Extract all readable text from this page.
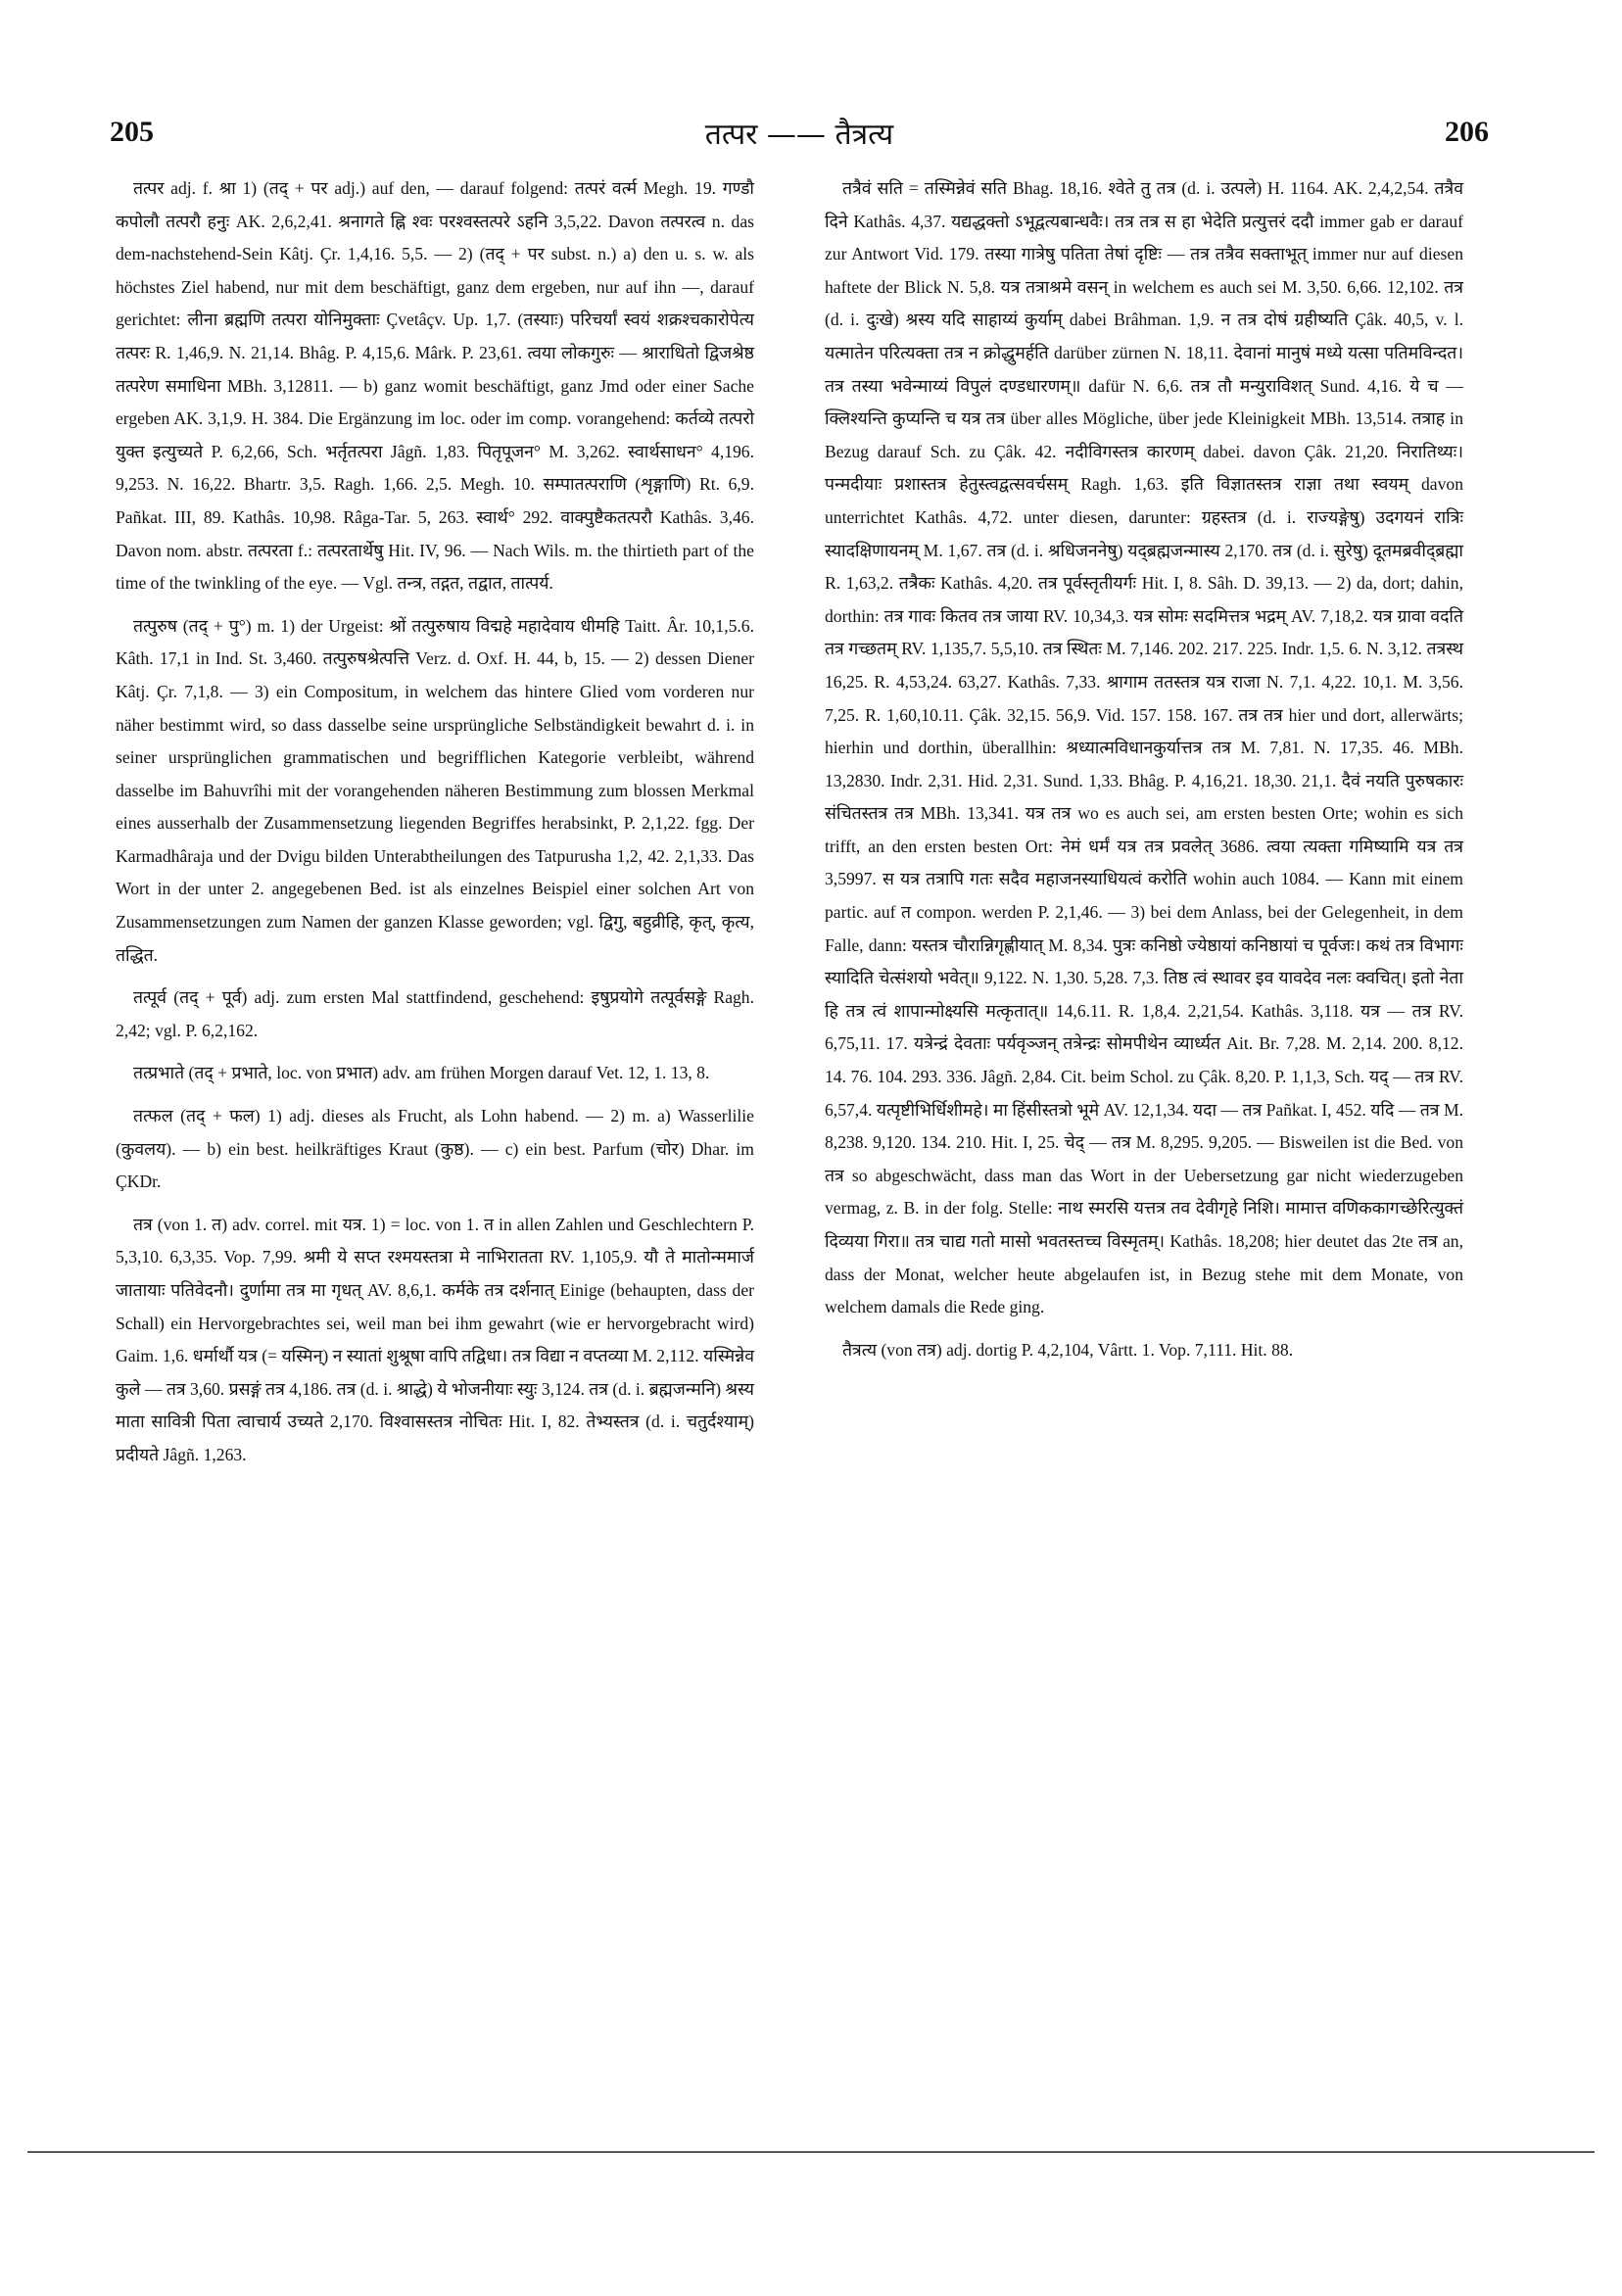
205	तत्पर —— तैत्रत्य	206

तत्पर adj. f. श्रा 1) (तद् + पर adj.) auf den, — darauf folgend: तत्परं वर्त्म Megh. 19. गण्डौ कपोलौ तत्परौ हनुः AK. 2,6,2,41. श्रनागते ह्नि श्वः परश्वस्तत्परे ऽहनि 3,5,22. Davon तत्परत्व n. das dem-nachstehend-Sein Kâtj. Çr. 1,4,16. 5,5. — 2) (तद् + पर subst. n.) a) den u. s. w. als höchstes Ziel habend, nur mit dem beschäftigt, ganz dem ergeben, nur auf ihn —, darauf gerichtet: लीना ब्रह्मणि तत्परा योनिमुक्ताः Çvetâçv. Up. 1,7. (तस्याः) परिचर्यां स्वयं शक्रश्चकारोपेत्य तत्परः R. 1,46,9. N. 21,14. Bhâg. P. 4,15,6. Mârk. P. 23,61. त्वया लोकगुरुः — श्राराधितो द्विजश्रेष्ठ तत्परेण समाधिना MBh. 3,12811. — b) ganz womit beschäftigt, ganz Jmd oder einer Sache ergeben AK. 3,1,9. H. 384. Die Ergänzung im loc. oder im comp. vorangehend: कर्तव्ये तत्परो युक्त इत्युच्यते P. 6,2,66, Sch. भर्तृतत्परा Jâgñ. 1,83. पितृपूजन° M. 3,262. स्वार्थसाधन° 4,196. 9,253. N. 16,22. Bhartr. 3,5. Ragh. 1,66. 2,5. Megh. 10. सम्पातत्पराणि (शृङ्गाणि) Rt. 6,9. Pañkat. III, 89. Kathâs. 10,98. Râga-Tar. 5, 263. स्वार्थ° 292. वाक्पुष्टैकतत्परौ Kathâs. 3,46. Davon nom. abstr. तत्परता f.: तत्परतार्थेषु Hit. IV, 96. — Nach Wils. m. the thirtieth part of the time of the twinkling of the eye. — Vgl. तन्त्र, तद्गत, तद्वात, तात्पर्य.

तत्पुरुष (तद् + पु°) m. 1) der Urgeist: श्रों तत्पुरुषाय विद्महे महादेवाय धीमहि Taitt. Âr. 10,1,5.6. Kâth. 17,1 in Ind. St. 3,460. तत्पुरुषश्रेत्पत्ति Verz. d. Oxf. H. 44, b, 15. — 2) dessen Diener Kâtj. Çr. 7,1,8. — 3) ein Compositum, in welchem das hintere Glied vom vorderen nur näher bestimmt wird, so dass dasselbe seine ursprüngliche Selbständigkeit bewahrt d. i. in seiner ursprünglichen grammatischen und begrifflichen Kategorie verbleibt, während dasselbe im Bahuvrîhi mit der vorangehenden näheren Bestimmung zum blossen Merkmal eines ausserhalb der Zusammensetzung liegenden Begriffes herabsinkt, P. 2,1,22. fgg. Der Karmadhâraja und der Dvigu bilden Unterabtheilungen des Tatpurusha 1,2, 42. 2,1,33. Das Wort in der unter 2. angegebenen Bed. ist als einzelnes Beispiel einer solchen Art von Zusammensetzungen zum Namen der ganzen Klasse geworden; vgl. द्विगु, बहुव्रीहि, कृत्, कृत्य, तद्धित.

तत्पूर्व (तद् + पूर्व) adj. zum ersten Mal stattfindend, geschehend: इषुप्रयोगे तत्पूर्वसङ्गे Ragh. 2,42; vgl. P. 6,2,162.

तत्प्रभाते (तद् + प्रभाते, loc. von प्रभात) adv. am frühen Morgen darauf Vet. 12, 1. 13, 8.

तत्फल (तद् + फल) 1) adj. dieses als Frucht, als Lohn habend. — 2) m. a) Wasserlilie (कुवलय). — b) ein best. heilkräftiges Kraut (कुष्ठ). — c) ein best. Parfum (चोर) Dhar. im ÇKDr.

तत्र (von 1. त) adv. correl. mit यत्र. 1) = loc. von 1. त in allen Zahlen und Geschlechtern P. 5,3,10. 6,3,35. Vop. 7,99. श्रमी ये सप्त रश्मयस्तत्रा मे नाभिरातता RV. 1,105,9. यौ ते मातोन्ममार्ज जातायाः पतिवेदनौ। दुर्णामा तत्र मा गृधत् AV. 8,6,1. कर्मके तत्र दर्शनात् Einige (behaupten, dass der Schall) ein Hervorgebrachtes sei, weil man bei ihm gewahrt (wie er hervorgebracht wird) Gaim. 1,6. धर्मार्थौ यत्र (= यस्मिन्) न स्यातां शुश्रूषा वापि तद्विधा। तत्र विद्या न वप्तव्या M. 2,112. यस्मिन्नेव कुले — तत्र 3,60. प्रसङ्गं तत्र 4,186. तत्र (d. i. श्राद्धे) ये भोजनीयाः स्युः 3,124. तत्र (d. i. ब्रह्मजन्मनि) श्रस्य माता सावित्री पिता त्वाचार्य उच्यते 2,170. विश्वासस्तत्र नोचितः Hit. I, 82. तेभ्यस्तत्र (d. i. चतुर्दश्याम्) प्रदीयते Jâgñ. 1,263.

तत्रैवं सति = तस्मिन्नेवं सति Bhag. 18,16. श्वेते तु तत्र (d. i. उत्पले) H. 1164. AK. 2,4,2,54. तत्रैव दिने Kathâs. 4,37. यद्यद्धक्तो ऽभूद्वत्यबान्धवैः। तत्र तत्र स हा भेदेति प्रत्युत्तरं ददौ immer gab er darauf zur Antwort Vid. 179. तस्या गात्रेषु पतिता तेषां दृष्टिः — तत्र तत्रैव सक्ताभूत् immer nur auf diesen haftete der Blick N. 5,8. यत्र तत्राश्रमे वसन् in welchem es auch sei M. 3,50. 6,66. 12,102. तत्र (d. i. दुःखे) श्रस्य यदि साहाय्यं कुर्याम् dabei Brâhman. 1,9. न तत्र दोषं ग्रहीष्यति Çâk. 40,5, v. l. यत्मातेन परित्यक्ता तत्र न क्रोद्धुमर्हति darüber zürnen N. 18,11. देवानां मानुषं मध्ये यत्सा पतिमविन्दत। तत्र तस्या भवेन्माय्यं विपुलं दण्डधारणम्॥ dafür N. 6,6. तत्र तौ मन्युराविशत् Sund. 4,16. ये च — क्लिश्यन्ति कुप्यन्ति च यत्र तत्र über alles Mögliche, über jede Kleinigkeit MBh. 13,514. तत्राह in Bezug darauf Sch. zu Çâk. 42. नदीविगस्तत्र कारणम् dabei. davon Çâk. 21,20. निरातिथ्यः। पन्मदीयाः प्रशास्तत्र हेतुस्त्वद्वत्सवर्चसम् Ragh. 1,63. इति विज्ञातस्तत्र राज्ञा तथा स्वयम् davon unterrichtet Kathâs. 4,72. unter diesen, darunter: ग्रहस्तत्र (d. i. राज्यङ्गेषु) उदगयनं रात्रिः स्यादक्षिणायनम् M. 1,67. तत्र (d. i. श्रधिजननेषु) यद्ब्रह्मजन्मास्य 2,170. तत्र (d. i. सुरेषु) दूतमब्रवीद्ब्रह्मा R. 1,63,2. तत्रैकः Kathâs. 4,20. तत्र पूर्वस्तृतीयर्गः Hit. I, 8. Sâh. D. 39,13. — 2) da, dort; dahin, dorthin: तत्र गावः कितव तत्र जाया RV. 10,34,3. यत्र सोमः सदमित्तत्र भद्रम् AV. 7,18,2. यत्र ग्रावा वदति तत्र गच्छतम् RV. 1,135,7. 5,5,10. तत्र स्थितः M. 7,146. 202. 217. 225. Indr. 1,5. 6. N. 3,12. तत्रस्थ 16,25. R. 4,53,24. 63,27. Kathâs. 7,33. श्रागाम ततस्तत्र यत्र राजा N. 7,1. 4,22. 10,1. M. 3,56. 7,25. R. 1,60,10.11. Çâk. 32,15. 56,9. Vid. 157. 158. 167. तत्र तत्र hier und dort, allerwärts; hierhin und dorthin, überallhin: श्रध्यात्मविधानकुर्यात्तत्र तत्र M. 7,81. N. 17,35. 46. MBh. 13,2830. Indr. 2,31. Hid. 2,31. Sund. 1,33. Bhâg. P. 4,16,21. 18,30. 21,1. दैवं नयति पुरुषकारः संचितस्तत्र तत्र MBh. 13,341. यत्र तत्र wo es auch sei, am ersten besten Orte; wohin es sich trifft, an den ersten besten Ort: नेमं धर्मं यत्र तत्र प्रवलेत् 3686. त्वया त्यक्ता गमिष्यामि यत्र तत्र 3,5997. स यत्र तत्रापि गतः सदैव महाजनस्याधियत्वं करोति wohin auch 1084. — Kann mit einem partic. auf त compon. werden P. 2,1,46. — 3) bei dem Anlass, bei der Gelegenheit, in dem Falle, dann: यस्तत्र चौरान्निगृह्णीयात् M. 8,34. पुत्रः कनिष्ठो ज्येष्ठायां कनिष्ठायां च पूर्वजः। कथं तत्र विभागः स्यादिति चेत्संशयो भवेत्॥ 9,122. N. 1,30. 5,28. 7,3. तिष्ठ त्वं स्थावर इव यावदेव नलः क्वचित्। इतो नेता हि तत्र त्वं शापान्मोक्ष्यसि मत्कृतात्॥ 14,6.11. R. 1,8,4. 2,21,54. Kathâs. 3,118. यत्र — तत्र RV. 6,75,11. 17. यत्रेन्द्रं देवताः पर्यवृञ्जन् तत्रेन्द्रः सोमपीथेन व्यार्ध्यत Ait. Br. 7,28. M. 2,14. 200. 8,12. 14. 76. 104. 293. 336. Jâgñ. 2,84. Cit. beim Schol. zu Çâk. 8,20. P. 1,1,3, Sch. यद् — तत्र RV. 6,57,4. यत्पृष्टीभिर्धिशीमहे। मा हिंसीस्तत्रो भूमे AV. 12,1,34. यदा — तत्र Pañkat. I, 452. यदि — तत्र M. 8,238. 9,120. 134. 210. Hit. I, 25. चेद् — तत्र M. 8,295. 9,205. — Bisweilen ist die Bed. von तत्र so abgeschwächt, dass man das Wort in der Uebersetzung gar nicht wiederzugeben vermag, z. B. in der folg. Stelle: नाथ स्मरसि यत्तत्र तव देवीगृहे निशि। मामात्त वणिककागच्छेरित्युक्तं दिव्यया गिरा॥ तत्र चाद्य गतो मासो भवतस्तच्च विस्मृतम्। Kathâs. 18,208; hier deutet das 2te तत्र an, dass der Monat, welcher heute abgelaufen ist, in Bezug stehe mit dem Monate, von welchem damals die Rede ging.

तैत्रत्य (von तत्र) adj. dortig P. 4,2,104, Vârtt. 1. Vop. 7,111. Hit. 88.
